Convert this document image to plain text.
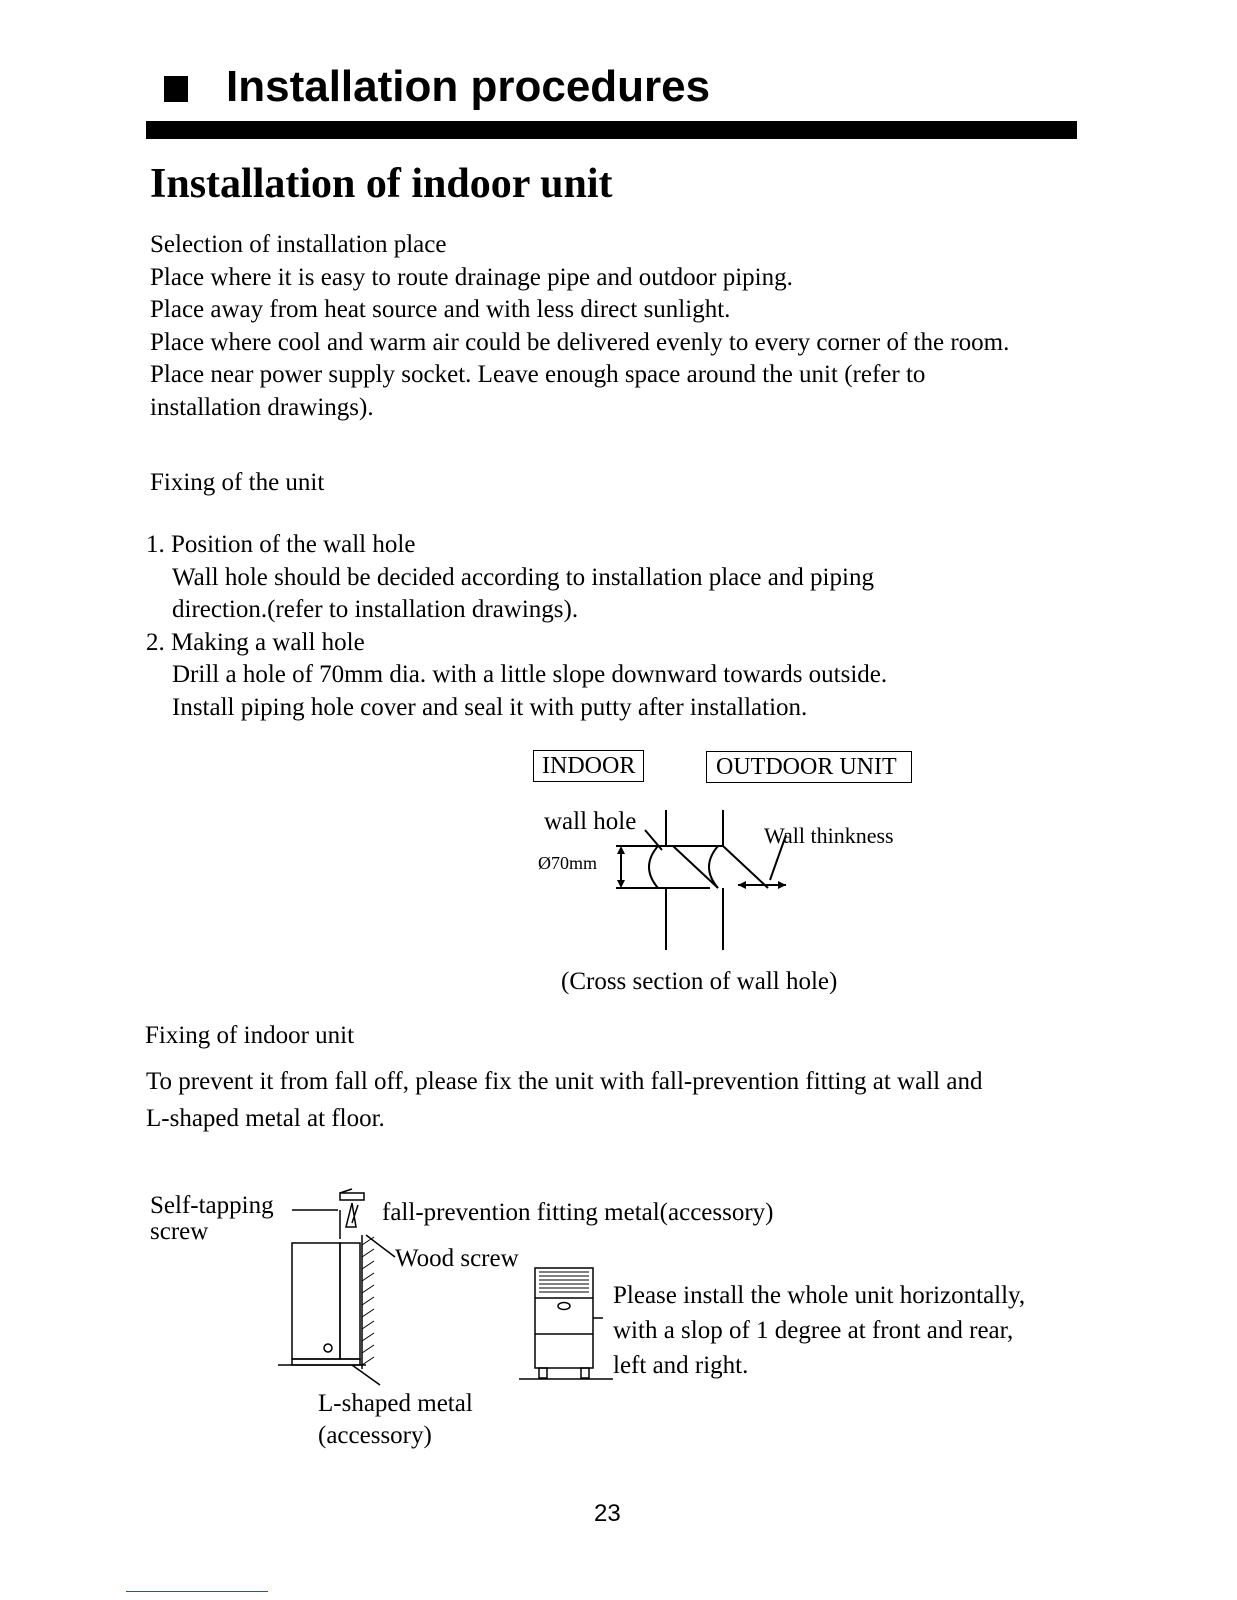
Installation procedures
Installation of indoor unit
Selection of installation place
Place where it is easy to route drainage pipe and outdoor piping.
Place away from heat source and with less direct sunlight.
Place where cool and warm air could be delivered evenly to every corner of the room.
Place near power supply socket. Leave enough space around the unit (refer to
installation drawings).
Fixing of the unit
1. Position of the wall hole
Wall hole should be decided according to installation place and piping
direction.(refer to installation drawings).
2. Making a wall hole
Drill a hole of 70mm dia. with a little slope downward towards outside.
Install piping hole cover and seal it with putty after installation.
INDOOR	OUTDOOR UNIT
wall hole
Ø70mm
Wall thinkness
(Cross section of wall hole)
Fixing of indoor unit
To prevent it from fall off, please fix the unit with fall-prevention fitting at wall and
L-shaped metal at floor.
Self-tapping
screw
fall-prevention fitting metal(accessory)
Wood screw
L-shaped metal
(accessory)
Please install the whole unit horizontally,
with a slop of 1 degree at front and rear,
left and right.
23
